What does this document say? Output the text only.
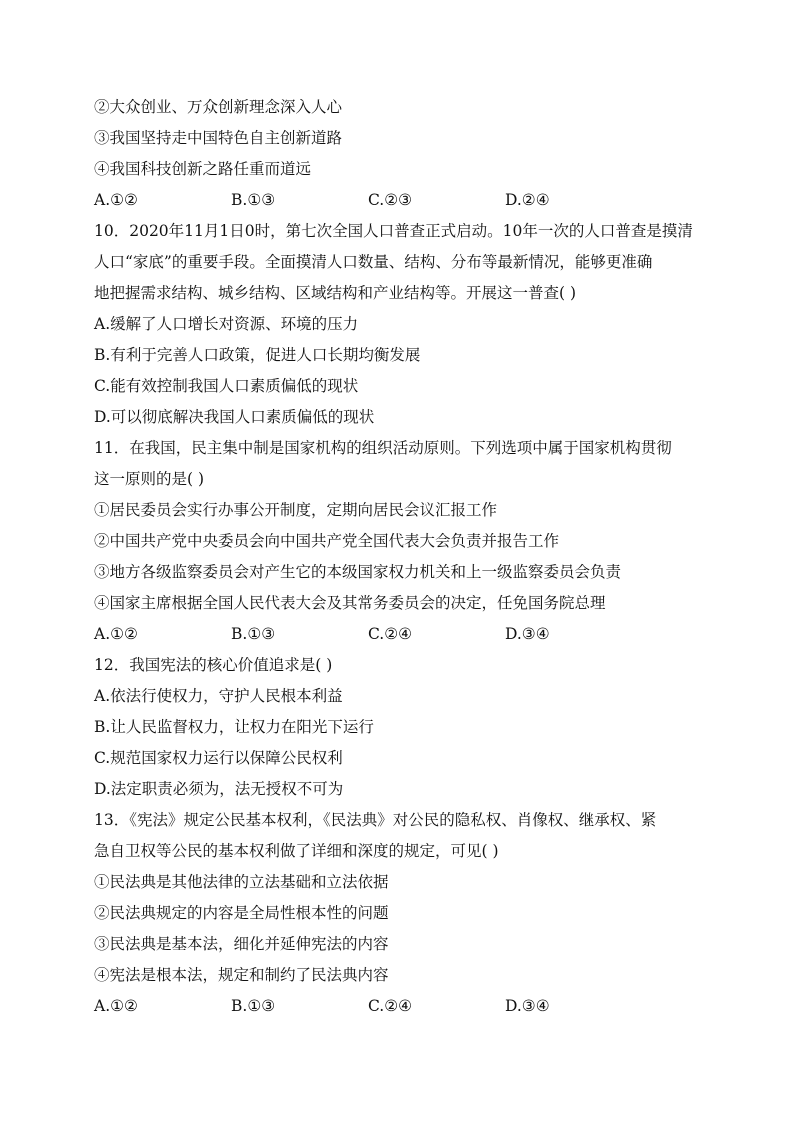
②大众创业、万众创新理念深入人心
③我国坚持走中国特色自主创新道路
④我国科技创新之路任重而道远
A.①②	B.①③	C.②③	D.②④
10．2020年11月1日0时，第七次全国人口普查正式启动。10年一次的人口普查是摸清
人口“家底”的重要手段。全面摸清人口数量、结构、分布等最新情况，能够更准确
地把握需求结构、城乡结构、区域结构和产业结构等。开展这一普查( )
A.缓解了人口增长对资源、环境的压力
B.有利于完善人口政策，促进人口长期均衡发展
C.能有效控制我国人口素质偏低的现状
D.可以彻底解决我国人口素质偏低的现状
11．在我国，民主集中制是国家机构的组织活动原则。下列选项中属于国家机构贯彻
这一原则的是( )
①居民委员会实行办事公开制度，定期向居民会议汇报工作
②中国共产党中央委员会向中国共产党全国代表大会负责并报告工作
③地方各级监察委员会对产生它的本级国家权力机关和上一级监察委员会负责
④国家主席根据全国人民代表大会及其常务委员会的决定，任免国务院总理
A.①②	B.①③	C.②④	D.③④
12．我国宪法的核心价值追求是( )
A.依法行使权力，守护人民根本利益
B.让人民监督权力，让权力在阳光下运行
C.规范国家权力运行以保障公民权利
D.法定职责必须为，法无授权不可为
13．《宪法》规定公民基本权利，《民法典》对公民的隐私权、肖像权、继承权、紧
急自卫权等公民的基本权利做了详细和深度的规定，可见( )
①民法典是其他法律的立法基础和立法依据
②民法典规定的内容是全局性根本性的问题
③民法典是基本法，细化并延伸宪法的内容
④宪法是根本法，规定和制约了民法典内容
A.①②	B.①③	C.②④	D.③④
